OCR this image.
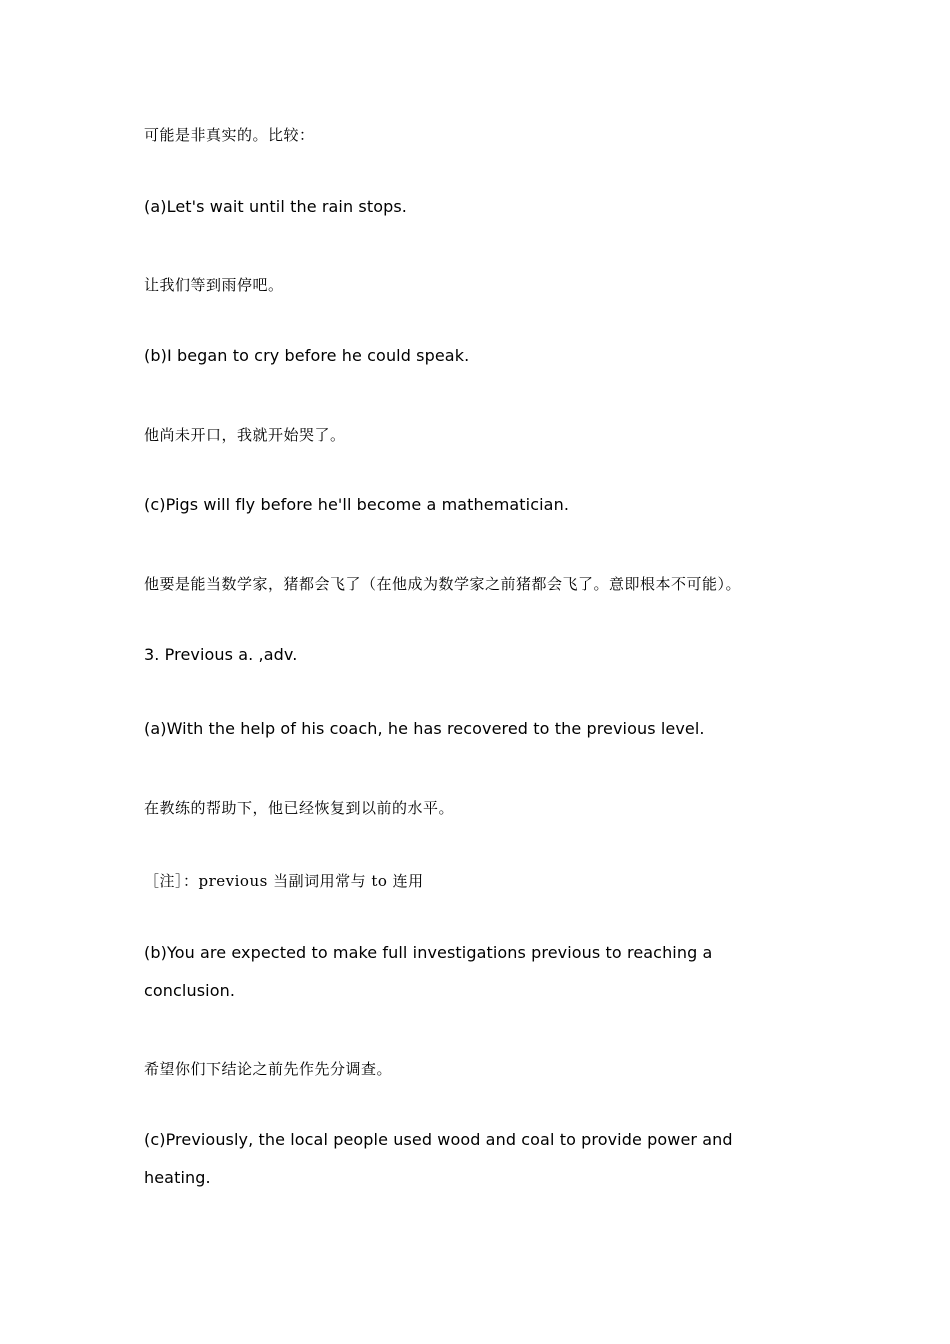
可能是非真实的。比较：
(a)Let's wait until the rain stops.
让我们等到雨停吧。
(b)I began to cry before he could speak.
他尚未开口，我就开始哭了。
(c)Pigs will fly before he'll become a mathematician.
他要是能当数学家，猪都会飞了（在他成为数学家之前猪都会飞了。意即根本不可能）。
3. Previous a. ,adv.
(a)With the help of his coach, he has recovered to the previous level.
在教练的帮助下，他已经恢复到以前的水平。
［注］：previous 当副词用常与 to 连用
(b)You are expected to make full investigations previous to reaching a
conclusion.
希望你们下结论之前先作先分调查。
(c)Previously, the local people used wood and coal to provide power and
heating.
